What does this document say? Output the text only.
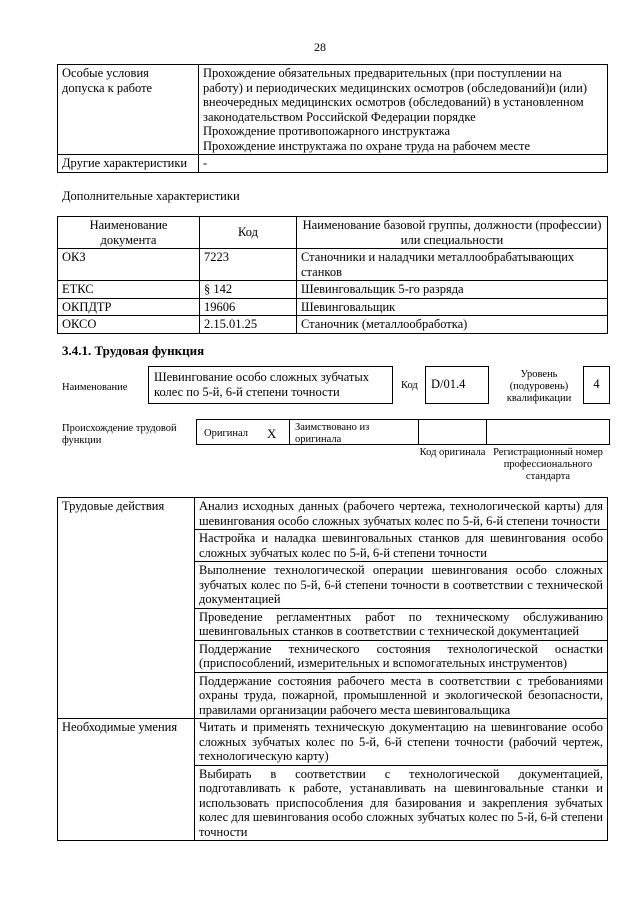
28
Особые условия допуска к работе	Прохождение обязательных предварительных (при поступлении на работу) и периодических медицинских осмотров (обследований)и (или) внеочередных медицинских осмотров (обследований) в установленном законодательством Российской Федерации порядке
Прохождение противопожарного инструктажа
Прохождение инструктажа по охране труда на рабочем месте

Другие характеристики	-
Дополнительные характеристики
Наименование документа	Код	Наименование базовой группы, должности (профессии) или специальности
ОКЗ	7223	Станочники и наладчики металлообрабатывающих станков
ЕТКС	§ 142	Шевинговальщик 5-го разряда
ОКПДТР	19606	Шевинговальщик
ОКСО	2.15.01.25	Станочник (металлообработка)
3.4.1. Трудовая функция
Наименование
Шевингование особо сложных зубчатых колес по 5-й, 6-й степени точности	Код	D/01.4
Уровень (подуровень) квалификации
4
Происхождение трудовой функции
Оригинал X	Заимствовано из оригинала
Код оригинала Регистрационный номер профессионального стандарта
Трудовые действия	Анализ исходных данных (рабочего чертежа, технологической карты) для шевингования особо сложных зубчатых колес по 5-й, 6-й степени точности
	Настройка и наладка шевинговальных станков для шевингования особо сложных зубчатых колес по 5-й, 6-й степени точности
	Выполнение технологической операции шевингования особо сложных зубчатых колес по 5-й, 6-й степени точности в соответствии с технической документацией
	Проведение регламентных работ по техническому обслуживанию шевинговальных станков в соответствии с технической документацией
	Поддержание технического состояния технологической оснастки (приспособлений, измерительных и вспомогательных инструментов)
	Поддержание состояния рабочего места в соответствии с требованиями охраны труда, пожарной, промышленной и экологической безопасности, правилами организации рабочего места шевинговальщика
Необходимые умения	Читать и применять техническую документацию на шевингование особо сложных зубчатых колес по 5-й, 6-й степени точности (рабочий чертеж, технологическую карту)
	Выбирать в соответствии с технологической документацией, подготавливать к работе, устанавливать на шевинговальные станки и использовать приспособления для базирования и закрепления зубчатых колес для шевингования особо сложных зубчатых колес по 5-й, 6-й степени точности
